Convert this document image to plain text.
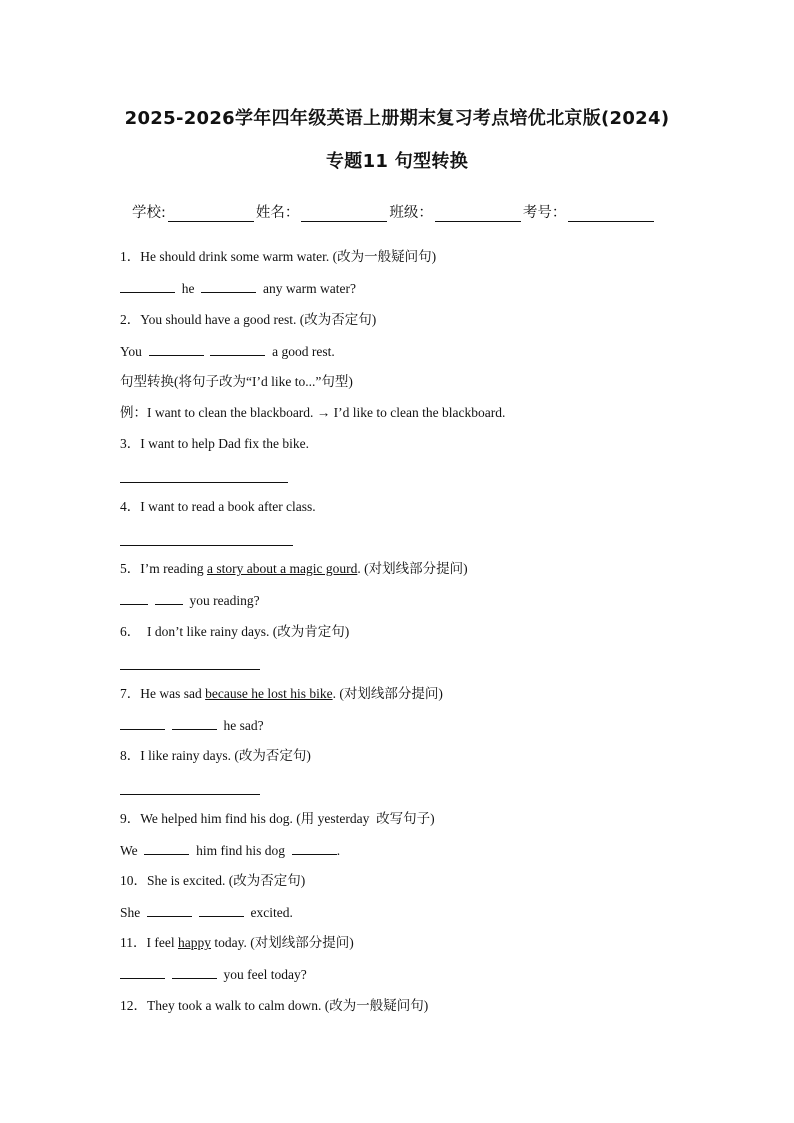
2025-2026学年四年级英语上册期末复习考点培优北京版(2024)
专题11 句型转换
学校:	姓名：	班级：	考号：
1．He should drink some warm water. (改为一般疑问句)
he	any warm water?
2．You should have a good rest. (改为否定句)
You	a good rest.
句型转换(将句子改为“I’d like to...”句型)
例：I want to clean the blackboard. → I’d like to clean the blackboard.
3．I want to help Dad fix the bike.
4．I want to read a book after class.
5．I’m reading a story about a magic gourd. (对划线部分提问)
you reading?
6．  I don’t like rainy days. (改为肯定句)
7．He was sad because he lost his bike. (对划线部分提问)
he sad?
8．I like rainy days. (改为否定句)
9．We helped him find his dog. (用 yesterday  改写句子)
We	him find his dog	.
10．She is excited. (改为否定句)
She	excited.
11．I feel happy today. (对划线部分提问)
you feel today?
12．They took a walk to calm down. (改为一般疑问句)
